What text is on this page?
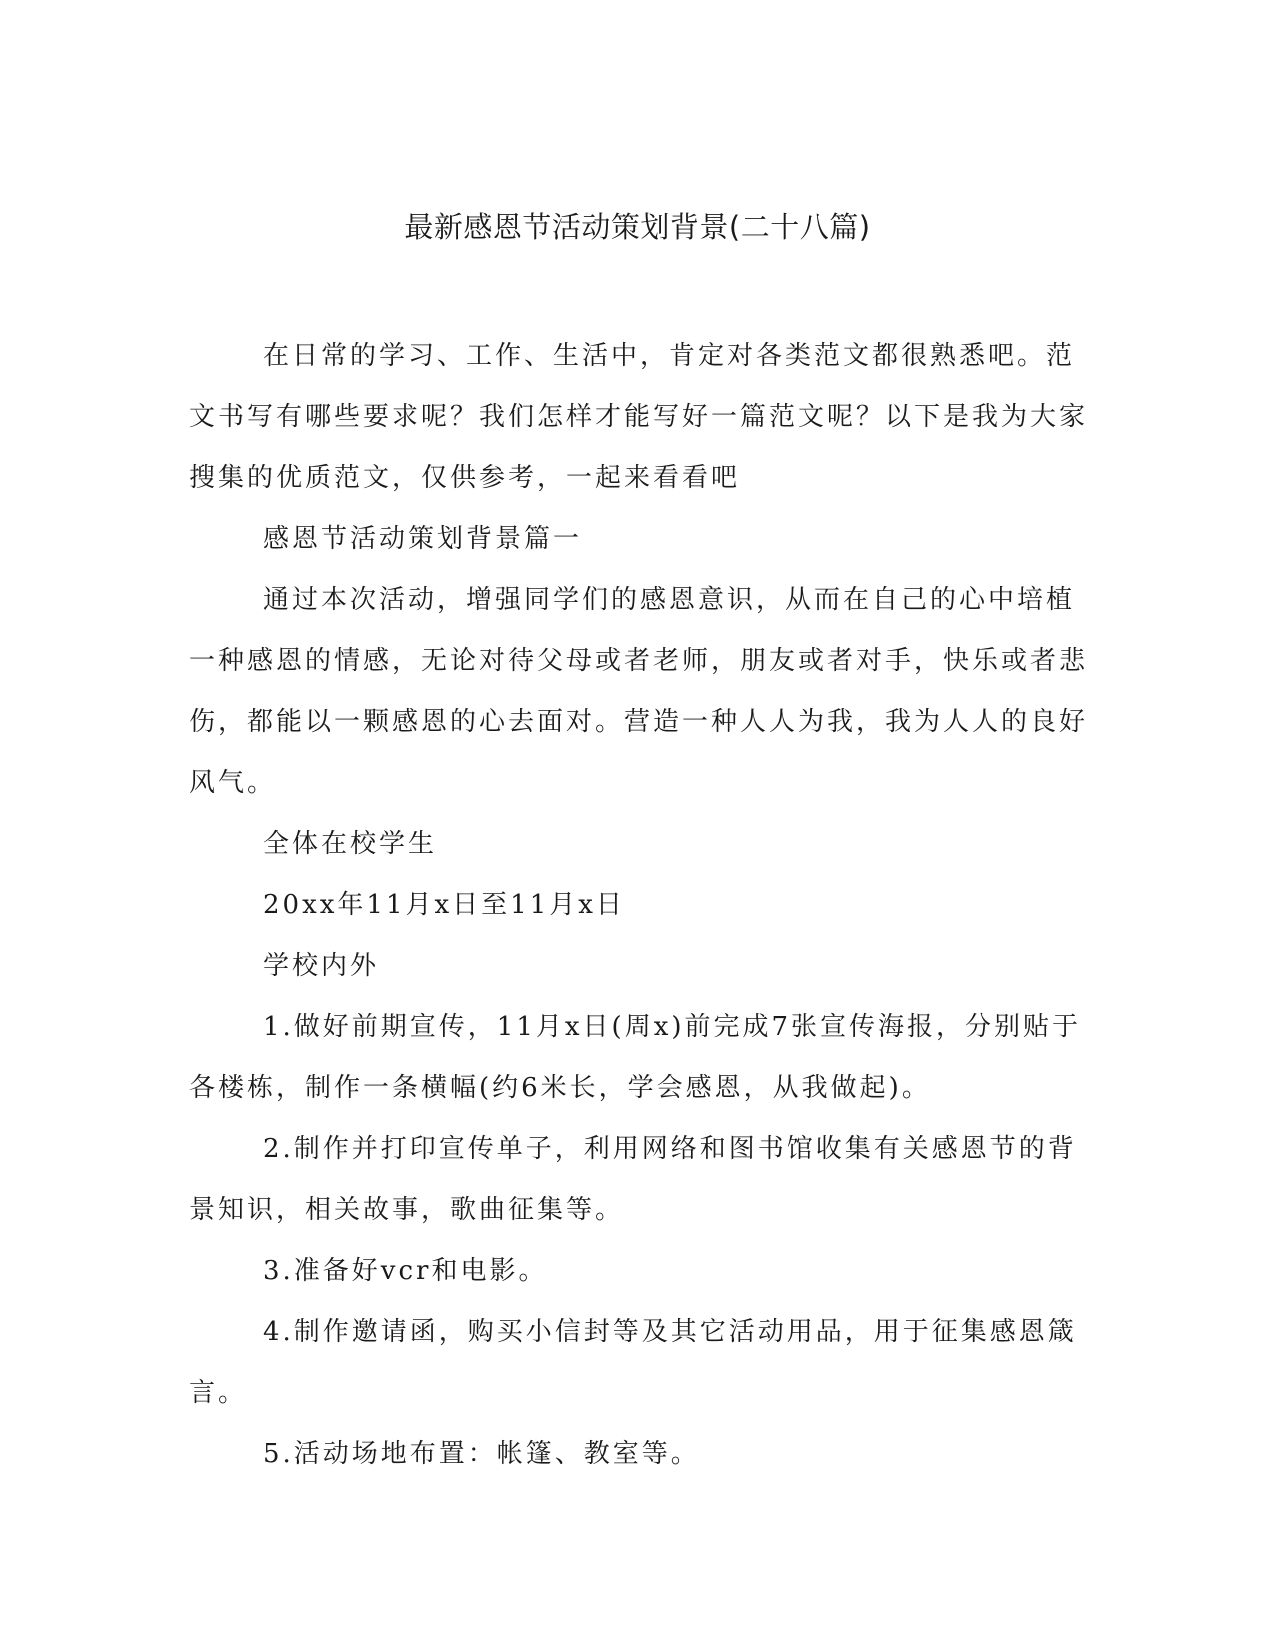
最新感恩节活动策划背景(二十八篇)

在日常的学习、工作、生活中，肯定对各类范文都很熟悉吧。范文书写有哪些要求呢？我们怎样才能写好一篇范文呢？以下是我为大家搜集的优质范文，仅供参考，一起来看看吧

感恩节活动策划背景篇一

通过本次活动，增强同学们的感恩意识，从而在自己的心中培植一种感恩的情感，无论对待父母或者老师，朋友或者对手，快乐或者悲伤，都能以一颗感恩的心去面对。营造一种人人为我，我为人人的良好风气。

全体在校学生

20xx年11月x日至11月x日

学校内外

1.做好前期宣传，11月x日(周x)前完成7张宣传海报，分别贴于各楼栋，制作一条横幅(约6米长，学会感恩，从我做起)。

2.制作并打印宣传单子，利用网络和图书馆收集有关感恩节的背景知识，相关故事，歌曲征集等。

3.准备好vcr和电影。

4.制作邀请函，购买小信封等及其它活动用品，用于征集感恩箴言。

5.活动场地布置：帐篷、教室等。
